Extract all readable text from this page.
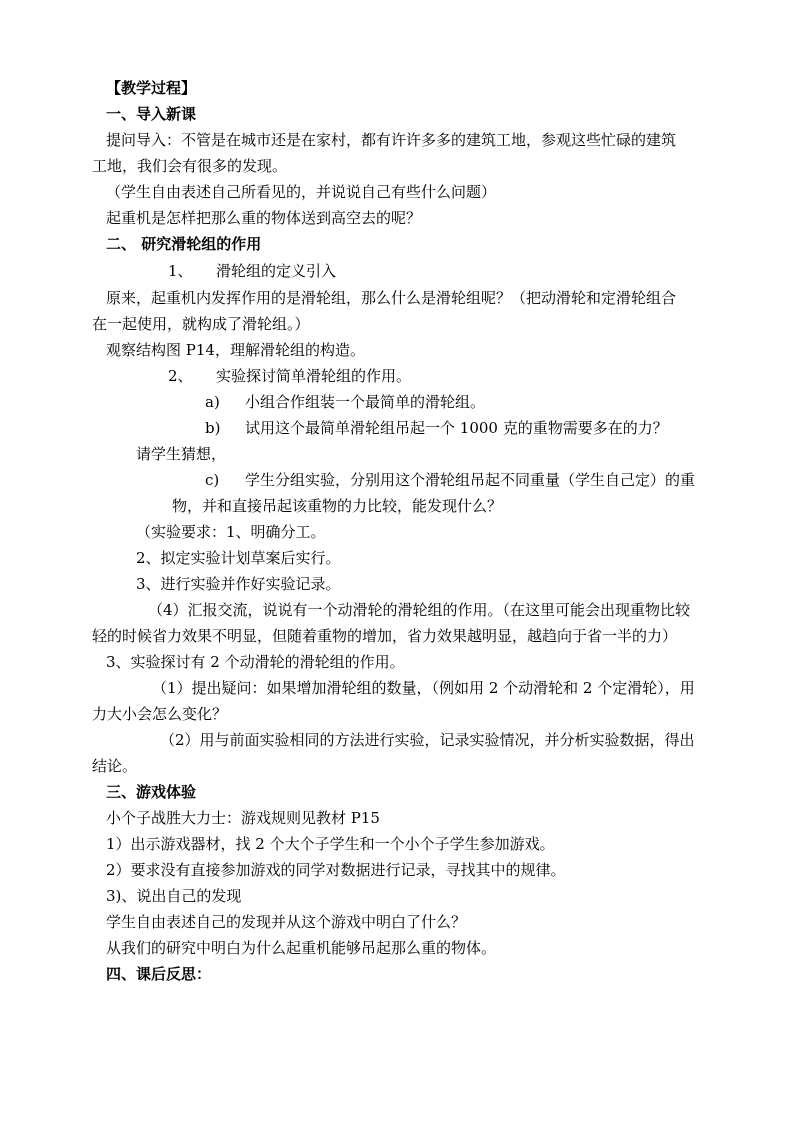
【教学过程】
一、导入新课
提问导入：不管是在城市还是在家村，都有许许多多的建筑工地，参观这些忙碌的建筑
工地，我们会有很多的发现。
（学生自由表述自己所看见的，并说说自己有些什么问题）
起重机是怎样把那么重的物体送到高空去的呢？
二、 研究滑轮组的作用
1、 滑轮组的定义引入
原来，起重机内发挥作用的是滑轮组，那么什么是滑轮组呢？（把动滑轮和定滑轮组合
在一起使用，就构成了滑轮组。）
观察结构图 P14，理解滑轮组的构造。
2、 实验探讨简单滑轮组的作用。
a) 小组合作组装一个最简单的滑轮组。
b) 试用这个最简单滑轮组吊起一个 1000 克的重物需要多在的力？
请学生猜想，
c) 学生分组实验，分别用这个滑轮组吊起不同重量（学生自己定）的重
物，并和直接吊起该重物的力比较，能发现什么？
（实验要求：1、明确分工。
2、拟定实验计划草案后实行。
3、进行实验并作好实验记录。
（4）汇报交流，说说有一个动滑轮的滑轮组的作用。（在这里可能会出现重物比较
轻的时候省力效果不明显，但随着重物的增加，省力效果越明显，越趋向于省一半的力）
3、实验探讨有 2 个动滑轮的滑轮组的作用。
（1）提出疑问：如果增加滑轮组的数量，（例如用 2 个动滑轮和 2 个定滑轮），用
力大小会怎么变化？
（2）用与前面实验相同的方法进行实验，记录实验情况，并分析实验数据，得出
结论。
三、游戏体验
小个子战胜大力士：游戏规则见教材 P15
1）出示游戏器材，找 2 个大个子学生和一个小个子学生参加游戏。
2）要求没有直接参加游戏的同学对数据进行记录，寻找其中的规律。
3)、说出自己的发现
学生自由表述自己的发现并从这个游戏中明白了什么？
从我们的研究中明白为什么起重机能够吊起那么重的物体。
四、课后反思：
